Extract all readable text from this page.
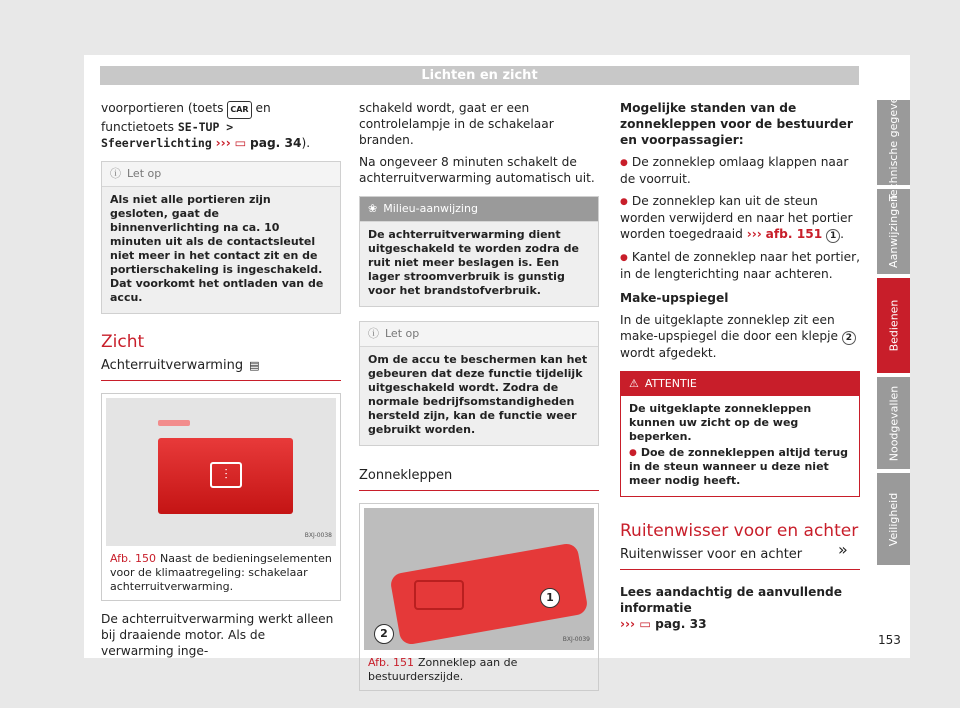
Lichten en zicht

voorportieren (toets CAR en functietoets SE-TUP > Sfeerverlichting ››› ▭ pag. 34).

ⓘ Let op
Als niet alle portieren zijn gesloten, gaat de binnenverlichting na ca. 10 minuten uit als de contactsleutel niet meer in het contact zit en de portierschakeling is ingeschakeld. Dat voorkomt het ontladen van de accu.
Zicht
Achterruitverwarming ▤
⫶
BXJ-0038
Afb. 150 Naast de bedieningselementen voor de klimaatregeling: schakelaar achterruitverwarming.

De achterruitverwarming werkt alleen bij draaiende motor. Als de verwarming inge-

schakeld wordt, gaat er een controlelampje in de schakelaar branden.

Na ongeveer 8 minuten schakelt de achterruitverwarming automatisch uit.

❀ Milieu-aanwijzing
De achterruitverwarming dient uitgeschakeld te worden zodra de ruit niet meer beslagen is. Een lager stroomverbruik is gunstig voor het brandstofverbruik.
ⓘ Let op
Om de accu te beschermen kan het gebeuren dat deze functie tijdelijk uitgeschakeld wordt. Zodra de normale bedrijfsomstandigheden hersteld zijn, kan de functie weer gebruikt worden.
Zonnekleppen
1
2	BXJ-0039
Afb. 151 Zonneklep aan de bestuurderszijde.

Mogelijke standen van de zonnekleppen voor de bestuurder en voorpassagier:

● De zonneklep omlaag klappen naar de voorruit.

● De zonneklep kan uit de steun worden verwijderd en naar het portier worden toegedraaid ››› afb. 151 1 .

● Kantel de zonneklep naar het portier, in de lengterichting naar achteren.

Make-upspiegel

In de uitgeklapte zonneklep zit een make-upspiegel die door een klepje 2 wordt afgedekt.

⚠ ATTENTIE

De uitgeklapte zonnekleppen kunnen uw zicht op de weg beperken.

● Doe de zonnekleppen altijd terug in de steun wanneer u deze niet meer nodig heeft.

Ruitenwisser voor en achter
Ruitenwisser voor en achter

Lees aandachtig de aanvullende informatie
››› ▭ pag. 33

»
Technische gegevens
Aanwijzingen
Bedienen
Noodgevallen
Veiligheid
153
